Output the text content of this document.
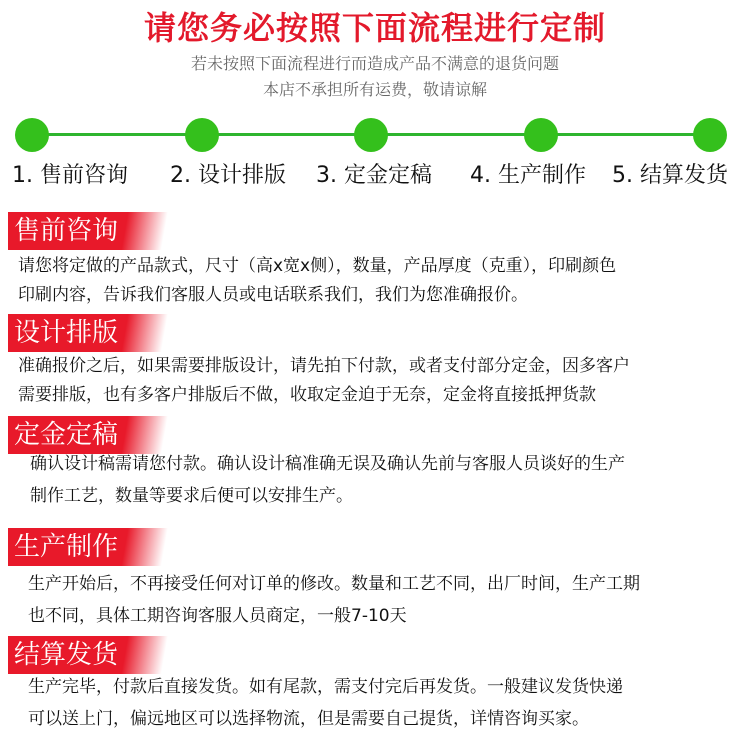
请您务必按照下面流程进行定制
若未按照下面流程进行而造成产品不满意的退货问题
本店不承担所有运费，敬请谅解
1. 售前咨询 2. 设计排版 3. 定金定稿 4. 生产制作 5. 结算发货
售前咨询
请您将定做的产品款式，尺寸（高x宽x侧），数量，产品厚度（克重），印刷颜色
印刷内容，告诉我们客服人员或电话联系我们，我们为您准确报价。
设计排版
准确报价之后，如果需要排版设计，请先拍下付款，或者支付部分定金，因多客户
需要排版，也有多客户排版后不做，收取定金迫于无奈，定金将直接抵押货款
定金定稿
确认设计稿需请您付款。确认设计稿准确无误及确认先前与客服人员谈好的生产
制作工艺，数量等要求后便可以安排生产。
生产制作
生产开始后，不再接受任何对订单的修改。数量和工艺不同，出厂时间，生产工期
也不同，具体工期咨询客服人员商定，一般7-10天
结算发货
生产完毕，付款后直接发货。如有尾款，需支付完后再发货。一般建议发货快递
可以送上门，偏远地区可以选择物流，但是需要自己提货，详情咨询买家。
